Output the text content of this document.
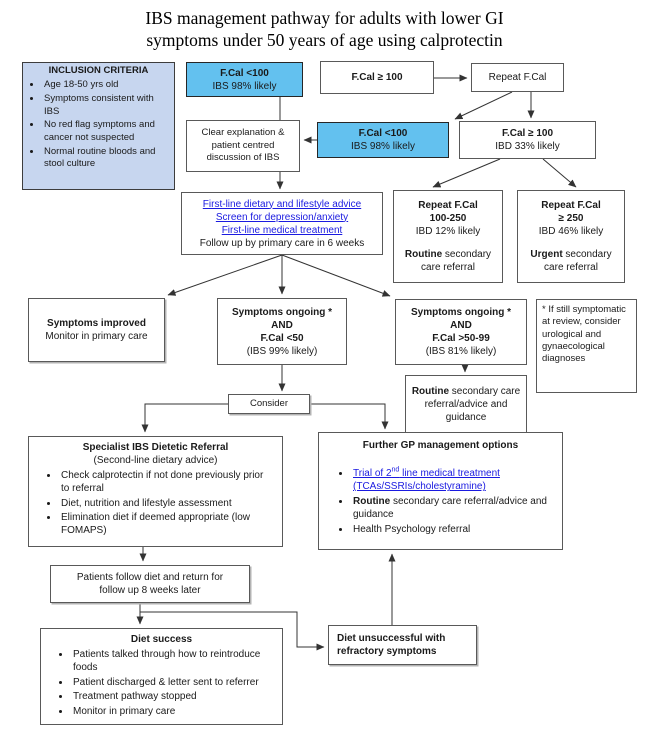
IBS management pathway for adults with lower GI
symptoms under 50 years of age using calprotectin
INCLUSION CRITERIA
• Age 18-50 yrs old
• Symptoms consistent with IBS
• No red flag symptoms and cancer not suspected
• Normal routine bloods and stool culture
F.Cal <100
IBS 98% likely
F.Cal ≥ 100	Repeat F.Cal
Clear explanation &
patient centred
discussion of IBS
F.Cal <100
IBS 98% likely
F.Cal ≥ 100
IBD 33% likely
First-line dietary and lifestyle advice
Screen for depression/anxiety
First-line medical treatment
Follow up by primary care in 6 weeks
Repeat F.Cal
100-250
IBD 12% likely
Routine secondary care referral
Repeat F.Cal
≥ 250
IBD 46% likely
Urgent secondary care referral
Symptoms improved
Monitor in primary care
Symptoms ongoing *
AND
F.Cal <50
(IBS 99% likely)
Symptoms ongoing *
AND
F.Cal >50-99
(IBS 81% likely)
* If still symptomatic at review, consider urological and gynaecological diagnoses
Routine secondary care referral/advice and guidance
Consider
Specialist IBS Dietetic Referral
(Second-line dietary advice)
• Check calprotectin if not done previously prior to referral
• Diet, nutrition and lifestyle assessment
• Elimination diet if deemed appropriate (low FOMAPS)
Further GP management options
• Trial of 2nd line medical treatment (TCAs/SSRIs/cholestyramine)
• Routine secondary care referral/advice and guidance
• Health Psychology referral
Patients follow diet and return for
follow up 8 weeks later
Diet success
• Patients talked through how to reintroduce foods
• Patient discharged & letter sent to referrer
• Treatment pathway stopped
• Monitor in primary care
Diet unsuccessful with
refractory symptoms
